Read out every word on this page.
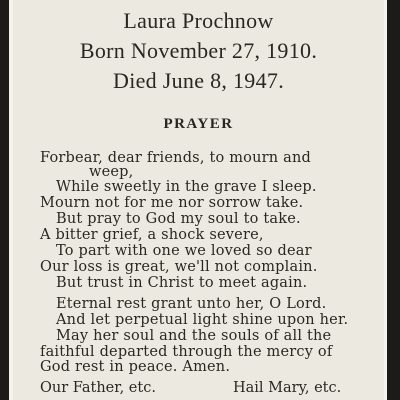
Laura Prochnow
Born November 27, 1910.
Died June 8, 1947.
PRAYER
Forbear, dear friends, to mourn and
weep,
While sweetly in the grave I sleep.
Mourn not for me nor sorrow take.
But pray to God my soul to take.
A bitter grief, a shock severe,
To part with one we loved so dear
Our loss is great, we'll not complain.
But trust in Christ to meet again.
Eternal rest grant unto her, O Lord.
And let perpetual light shine upon her.
May her soul and the souls of all the
faithful departed through the mercy of
God rest in peace. Amen.
Our Father, etc.	Hail Mary, etc.
